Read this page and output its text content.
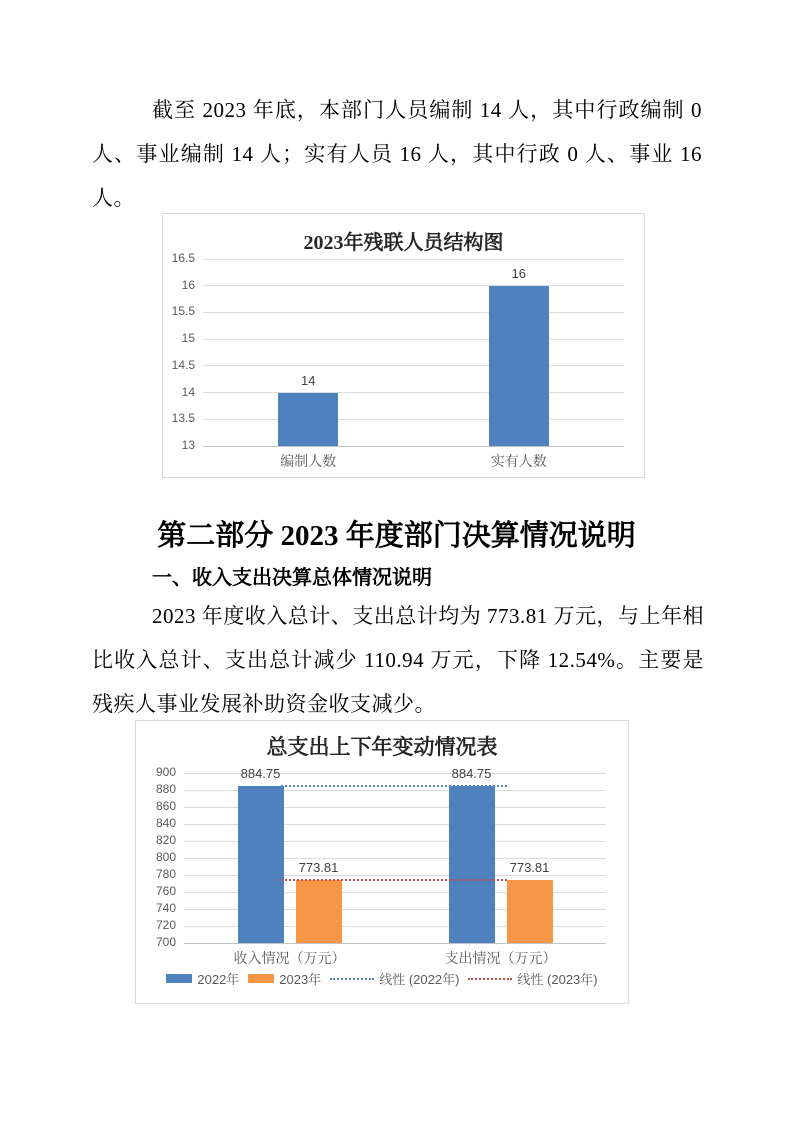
截至 2023 年底，本部门人员编制 14 人，其中行政编制 0 人、事业编制 14 人；实有人员 16 人，其中行政 0 人、事业 16 人。

2023年残联人员结构图
13
13.5
14
14.5
15
15.5
16
16.5
编制人数
14
实有人数
16
第二部分 2023 年度部门决算情况说明
一、收入支出决算总体情况说明

2023 年度收入总计、支出总计均为 773.81 万元，与上年相比收入总计、支出总计减少 110.94 万元，下降 12.54%。主要是残疾人事业发展补助资金收支减少。

总支出上下年变动情况表
700
720
740
760
780
800
820
840
860
880
900
收入情况（万元）
884.75
773.81
支出情况（万元）
884.75
773.81
2022年	2023年	线性 (2022年)	线性 (2023年)
